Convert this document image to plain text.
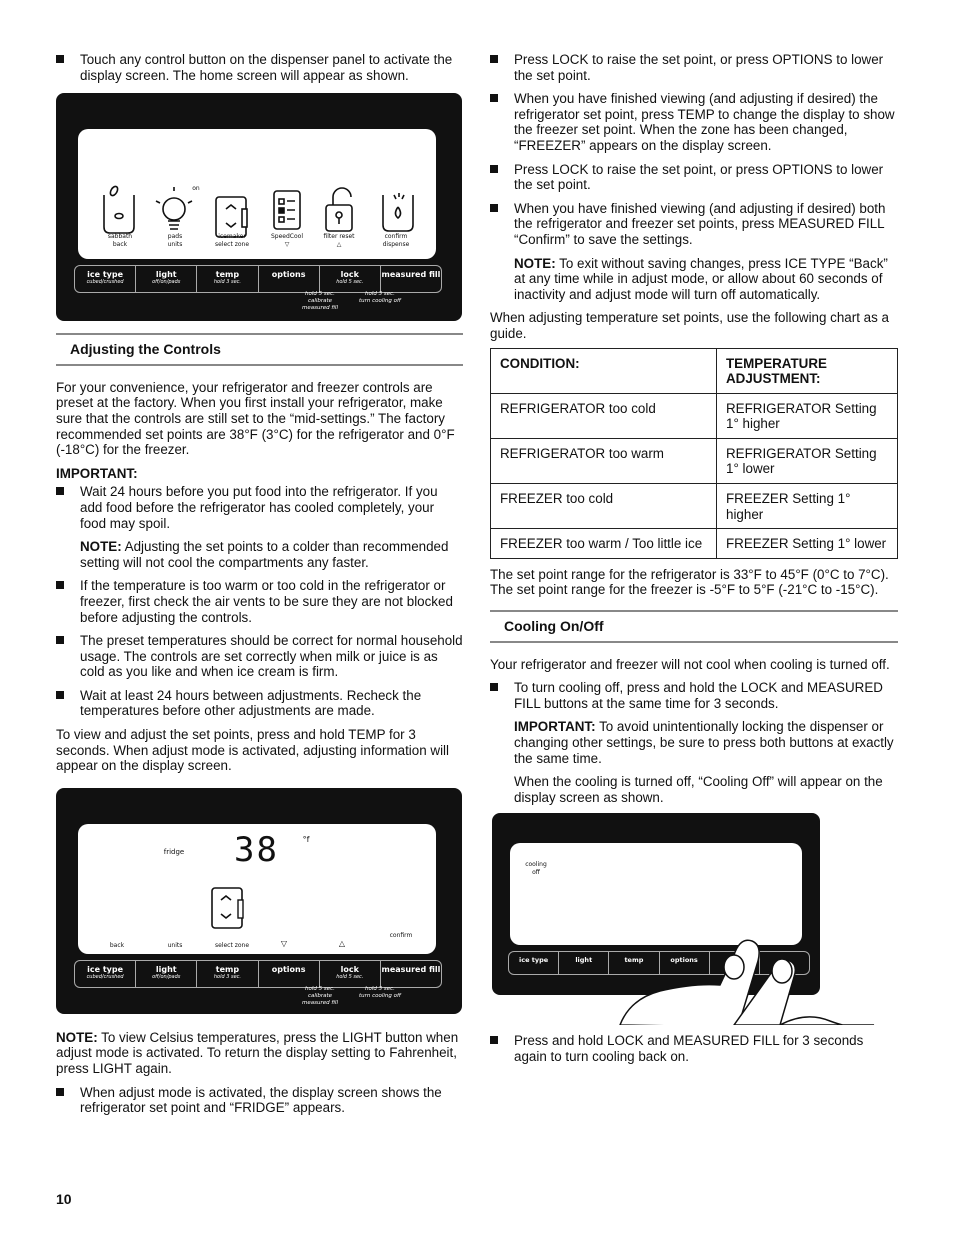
Touch any control button on the dispenser panel to activate the display screen. The home screen will appear as shown.
on
sabbath
back
pads
units
icemaker
select zone
SpeedCool
▽
filter reset
△
confirm
dispense
ice type
cubed/crushed
light
off/on/pads
temp
hold 3 sec.
options	lock
hold 5 sec.
measured fill
hold 5 sec.
calibrate
measured fill
hold 3 sec.
turn cooling off
Adjusting the Controls

For your convenience, your refrigerator and freezer controls are preset at the factory. When you first install your refrigerator, make sure that the controls are still set to the “mid-settings.” The factory recommended set points are 38°F (3°C) for the refrigerator and 0°F (-18°C) for the freezer.

IMPORTANT:

Wait 24 hours before you put food into the refrigerator. If you add food before the refrigerator has cooled completely, your food may spoil.
NOTE: Adjusting the set points to a colder than recommended setting will not cool the compartments any faster.
If the temperature is too warm or too cold in the refrigerator or freezer, first check the air vents to be sure they are not blocked before adjusting the controls.
The preset temperatures should be correct for normal household usage. The controls are set correctly when milk or juice is as cold as you like and when ice cream is firm.
Wait at least 24 hours between adjustments. Recheck the temperatures before other adjustments are made.

To view and adjust the set points, press and hold TEMP for 3 seconds. When adjust mode is activated, adjusting information will appear on the display screen.

fridge 38	°f
confirm
back	units	select zone	▽	△
ice type
cubed/crushed
light
off/on/pads
temp
hold 3 sec.
options	lock
hold 5 sec.
measured fill
hold 5 sec.
calibrate
measured fill
hold 3 sec.
turn cooling off

NOTE: To view Celsius temperatures, press the LIGHT button when adjust mode is activated. To return the display setting to Fahrenheit, press LIGHT again.

When adjust mode is activated, the display screen shows the refrigerator set point and “FRIDGE” appears.
Press LOCK to raise the set point, or press OPTIONS to lower the set point.
When you have finished viewing (and adjusting if desired) the refrigerator set point, press TEMP to change the display to show the freezer set point. When the zone has been changed, “FREEZER” appears on the display screen.
Press LOCK to raise the set point, or press OPTIONS to lower the set point.
When you have finished viewing (and adjusting if desired) both the refrigerator and freezer set points, press MEASURED FILL “Confirm” to save the settings.
NOTE: To exit without saving changes, press ICE TYPE “Back” at any time while in adjust mode, or allow about 60 seconds of inactivity and adjust mode will turn off automatically.

When adjusting temperature set points, use the following chart as a guide.

CONDITION:	TEMPERATURE ADJUSTMENT:
REFRIGERATOR too cold	REFRIGERATOR Setting 1° higher
REFRIGERATOR too warm	REFRIGERATOR Setting 1° lower
FREEZER too cold	FREEZER Setting 1° higher
FREEZER too warm / Too little ice	FREEZER Setting 1° lower

The set point range for the refrigerator is 33°F to 45°F (0°C to 7°C). The set point range for the freezer is -5°F to 5°F (-21°C to -15°C).

Cooling On/Off

Your refrigerator and freezer will not cool when cooling is turned off.

To turn cooling off, press and hold the LOCK and MEASURED FILL buttons at the same time for 3 seconds.
IMPORTANT: To avoid unintentionally locking the dispenser or changing other settings, be sure to press both buttons at exactly the same time.
When the cooling is turned off, “Cooling Off” will appear on the display screen as shown.
cooling
off
ice type	light	temp	options
Press and hold LOCK and MEASURED FILL for 3 seconds again to turn cooling back on.
10
